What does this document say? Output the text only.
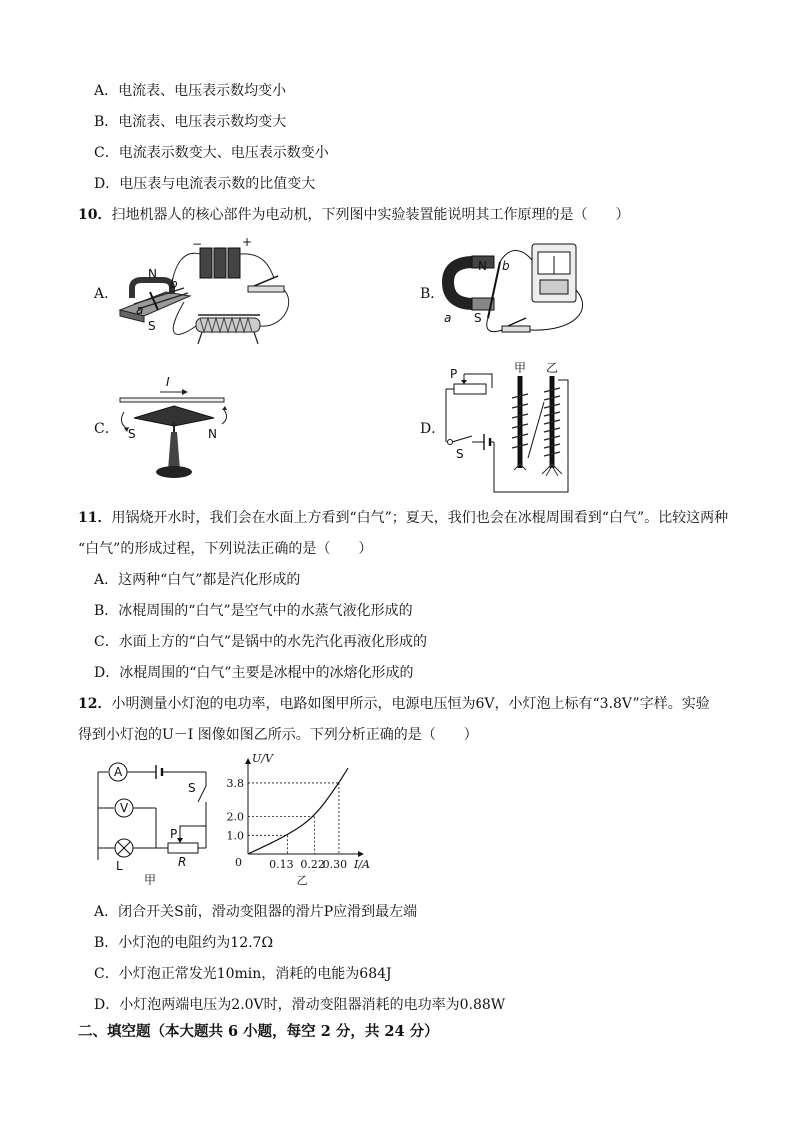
A．电流表、电压表示数均变小
B．电流表、电压表示数均变大
C．电流表示数变大、电压表示数变小
D．电压表与电流表示数的比值变大
10．扫地机器人的核心部件为电动机，下列图中实验装置能说明其工作原理的是（　　）
A．	B．
C．	D．
N
S
a
b
−	+
N b
a S
I
S	N
P
S
甲 乙
11．用锅烧开水时，我们会在水面上方看到“白气”；夏天，我们也会在冰棍周围看到“白气”。比较这两种
“白气”的形成过程，下列说法正确的是（　　）
A．这两种“白气”都是汽化形成的
B．冰棍周围的“白气”是空气中的水蒸气液化形成的
C．水面上方的“白气”是锅中的水先汽化再液化形成的
D．冰棍周围的“白气”主要是冰棍中的冰熔化形成的
12．小明测量小灯泡的电功率，电路如图甲所示，电源电压恒为6V，小灯泡上标有“3.8V”字样。实验
得到小灯泡的U－I 图像如图乙所示。下列分析正确的是（　　）
A
S
V
L
P
R
甲
U/V
I/A
0
1.0
2.0
3.8
0.13 0.22
0.30
乙
A．闭合开关S前，滑动变阻器的滑片P应滑到最左端
B．小灯泡的电阻约为12.7Ω
C．小灯泡正常发光10min，消耗的电能为684J
D．小灯泡两端电压为2.0V时，滑动变阻器消耗的电功率为0.88W
二、填空题（本大题共 6 小题，每空 2 分，共 24 分）
